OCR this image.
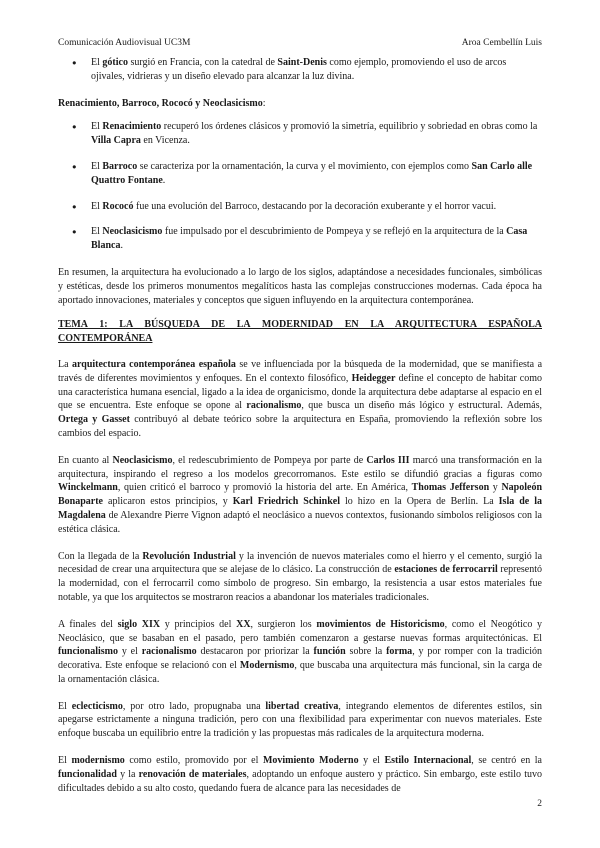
Comunicación Audiovisual UC3M	Aroa Cembellín Luis
● El gótico surgió en Francia, con la catedral de Saint-Denis como ejemplo, promoviendo el uso de arcos ojivales, vidrieras y un diseño elevado para alcanzar la luz divina.

Renacimiento, Barroco, Rococó y Neoclasicismo:

● El Renacimiento recuperó los órdenes clásicos y promovió la simetría, equilibrio y sobriedad en obras como la Villa Capra en Vicenza.
● El Barroco se caracteriza por la ornamentación, la curva y el movimiento, con ejemplos como San Carlo alle Quattro Fontane.
● El Rococó fue una evolución del Barroco, destacando por la decoración exuberante y el horror vacui.
● El Neoclasicismo fue impulsado por el descubrimiento de Pompeya y se reflejó en la arquitectura de la Casa Blanca.

En resumen, la arquitectura ha evolucionado a lo largo de los siglos, adaptándose a necesidades funcionales, simbólicas y estéticas, desde los primeros monumentos megalíticos hasta las complejas construcciones modernas. Cada época ha aportado innovaciones, materiales y conceptos que siguen influyendo en la arquitectura contemporánea.

TEMA 1: LA BÚSQUEDA DE LA MODERNIDAD EN LA ARQUITECTURA ESPAÑOLA CONTEMPORÁNEA

La arquitectura contemporánea española se ve influenciada por la búsqueda de la modernidad, que se manifiesta a través de diferentes movimientos y enfoques. En el contexto filosófico, Heidegger define el concepto de habitar como una característica humana esencial, ligado a la idea de organicismo, donde la arquitectura debe adaptarse al espacio en el que se encuentra. Este enfoque se opone al racionalismo, que busca un diseño más lógico y estructural. Además, Ortega y Gasset contribuyó al debate teórico sobre la arquitectura en España, promoviendo la reflexión sobre los cambios del espacio.

En cuanto al Neoclasicismo, el redescubrimiento de Pompeya por parte de Carlos III marcó una transformación en la arquitectura, inspirando el regreso a los modelos grecorromanos. Este estilo se difundió gracias a figuras como Winckelmann, quien criticó el barroco y promovió la historia del arte. En América, Thomas Jefferson y Napoleón Bonaparte aplicaron estos principios, y Karl Friedrich Schinkel lo hizo en la Opera de Berlín. La Isla de la Magdalena de Alexandre Pierre Vignon adaptó el neoclásico a nuevos contextos, fusionando símbolos religiosos con la estética clásica.

Con la llegada de la Revolución Industrial y la invención de nuevos materiales como el hierro y el cemento, surgió la necesidad de crear una arquitectura que se alejase de lo clásico. La construcción de estaciones de ferrocarril representó la modernidad, con el ferrocarril como símbolo de progreso. Sin embargo, la resistencia a usar estos materiales fue notable, ya que los arquitectos se mostraron reacios a abandonar los materiales tradicionales.

A finales del siglo XIX y principios del XX, surgieron los movimientos de Historicismo, como el Neogótico y Neoclásico, que se basaban en el pasado, pero también comenzaron a gestarse nuevas formas arquitectónicas. El funcionalismo y el racionalismo destacaron por priorizar la función sobre la forma, y por romper con la tradición decorativa. Este enfoque se relacionó con el Modernismo, que buscaba una arquitectura más funcional, sin la carga de la ornamentación clásica.

El eclecticismo, por otro lado, propugnaba una libertad creativa, integrando elementos de diferentes estilos, sin apegarse estrictamente a ninguna tradición, pero con una flexibilidad para experimentar con nuevos materiales. Este enfoque buscaba un equilibrio entre la tradición y las propuestas más radicales de la arquitectura moderna.

El modernismo como estilo, promovido por el Movimiento Moderno y el Estilo Internacional, se centró en la funcionalidad y la renovación de materiales, adoptando un enfoque austero y práctico. Sin embargo, este estilo tuvo dificultades debido a su alto costo, quedando fuera de alcance para las necesidades de

2
